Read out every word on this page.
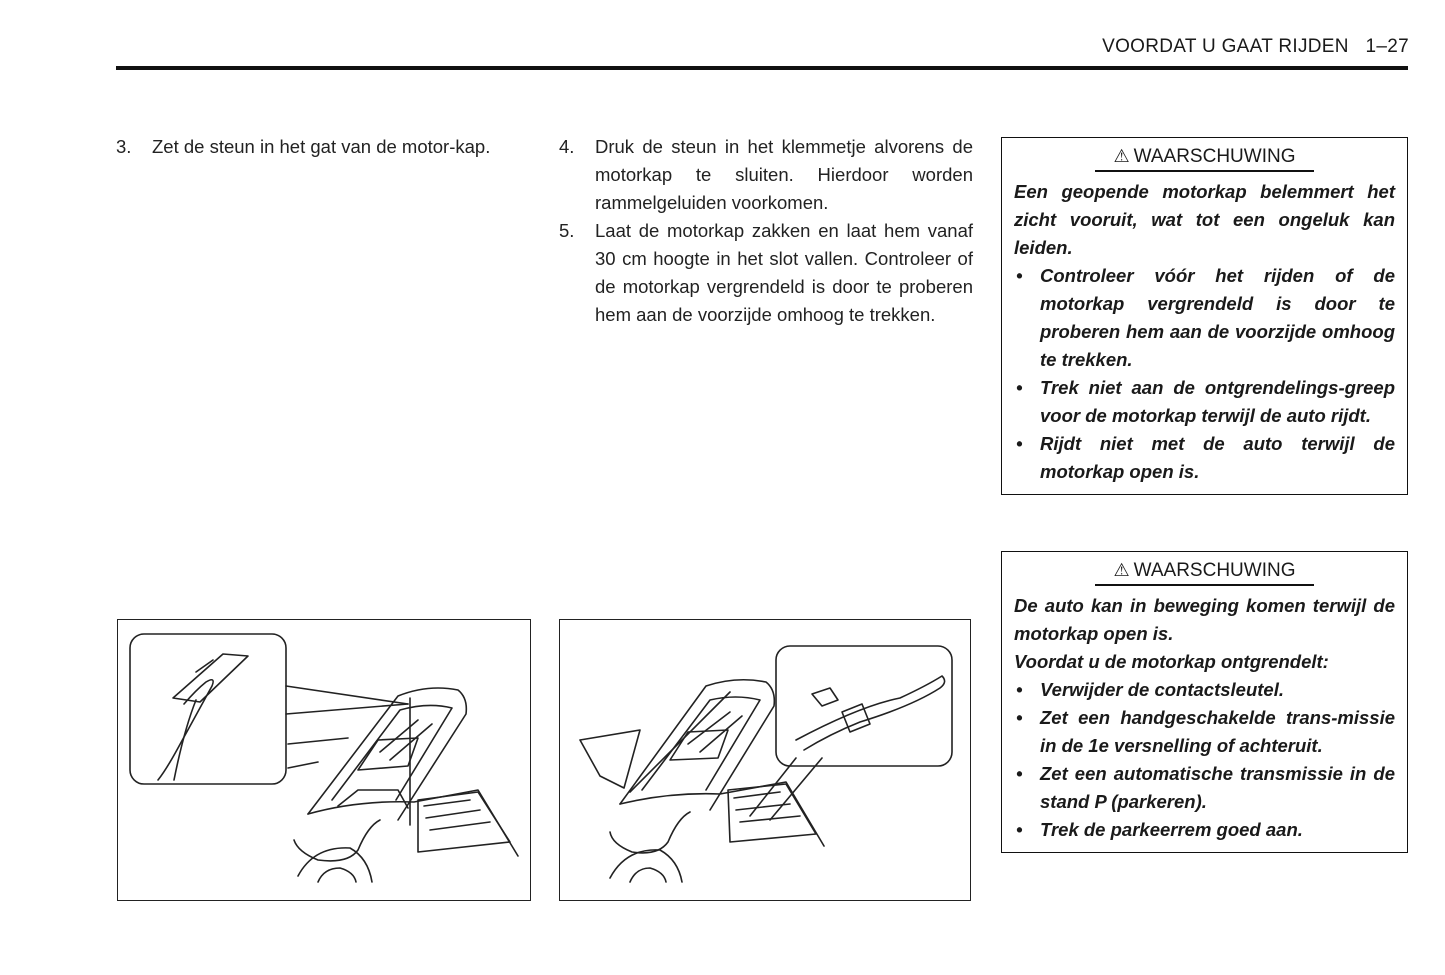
VOORDAT U GAAT RIJDEN 1–27
3.	Zet de steun in het gat van de motor-kap.	4.	Druk de steun in het klemmetje alvorens de motorkap te sluiten. Hierdoor worden rammelgeluiden voorkomen.
5.	Laat de motorkap zakken en laat hem vanaf 30 cm hoogte in het slot vallen. Controleer of de motorkap vergrendeld is door te proberen hem aan de voorzijde omhoog te trekken.
⚠ WAARSCHUWING

Een geopende motorkap belemmert het zicht vooruit, wat tot een ongeluk kan leiden.

• Controleer vóór het rijden of de motorkap vergrendeld is door te proberen hem aan de voorzijde omhoog te trekken.
• Trek niet aan de ontgrendelings-greep voor de motorkap terwijl de auto rijdt.
• Rijdt niet met de auto terwijl de motorkap open is.
⚠ WAARSCHUWING

De auto kan in beweging komen terwijl de motorkap open is.

Voordat u de motorkap ontgrendelt:

• Verwijder de contactsleutel.
• Zet een handgeschakelde trans-missie in de 1e versnelling of achteruit.
• Zet een automatische transmissie in de stand P (parkeren).
• Trek de parkeerrem goed aan.
